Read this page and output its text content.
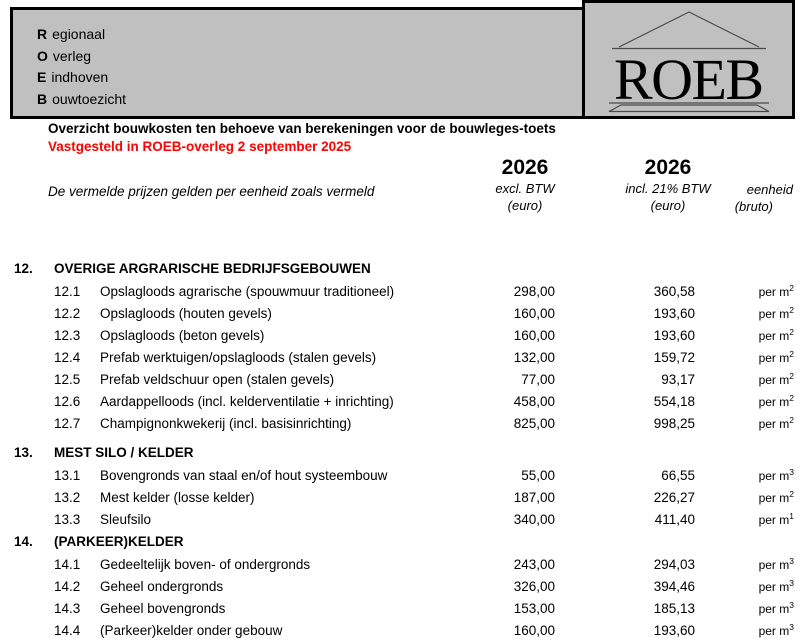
R egionaal
O verleg
E indhoven
B ouwtoezicht	ROEB
Overzicht bouwkosten ten behoeve van berekeningen voor de bouwleges-toets
Vastgesteld in ROEB-overleg 2 september 2025
2026
excl. BTW
(euro)
2026
incl. 21% BTW
(euro)
eenheid
(bruto)
De vermelde prijzen gelden per eenheid zoals vermeld
12.	OVERIGE ARGRARISCHE BEDRIJFSGEBOUWEN
12.1	Opslagloods agrarische (spouwmuur traditioneel)	298,00	360,58	per $m^2$
12.2	Opslagloods (houten gevels)	160,00	193,60	per $m^2$
12.3	Opslagloods (beton gevels)	160,00	193,60	per $m^2$
12.4	Prefab werktuigen/opslagloods (stalen gevels)	132,00	159,72	per $m^2$
12.5	Prefab veldschuur open (stalen gevels)	77,00	93,17	per $m^2$
12.6	Aardappelloods (incl. kelderventilatie + inrichting)	458,00	554,18	per $m^2$
12.7	Champignonkwekerij (incl. basisinrichting)	825,00	998,25	per $m^2$
13.	MEST SILO / KELDER
13.1	Bovengronds van staal en/of hout systeembouw	55,00	66,55	per $m^3$
13.2	Mest kelder (losse kelder)	187,00	226,27	per $m^2$
13.3	Sleufsilo	340,00	411,40	per $m^1$
14.	(PARKEER)KELDER
14.1	Gedeeltelijk boven- of ondergronds	243,00	294,03	per $m^3$
14.2	Geheel ondergronds	326,00	394,46	per $m^3$
14.3	Geheel bovengronds	153,00	185,13	per $m^3$
14.4	(Parkeer)kelder onder gebouw	160,00	193,60	per $m^3$
